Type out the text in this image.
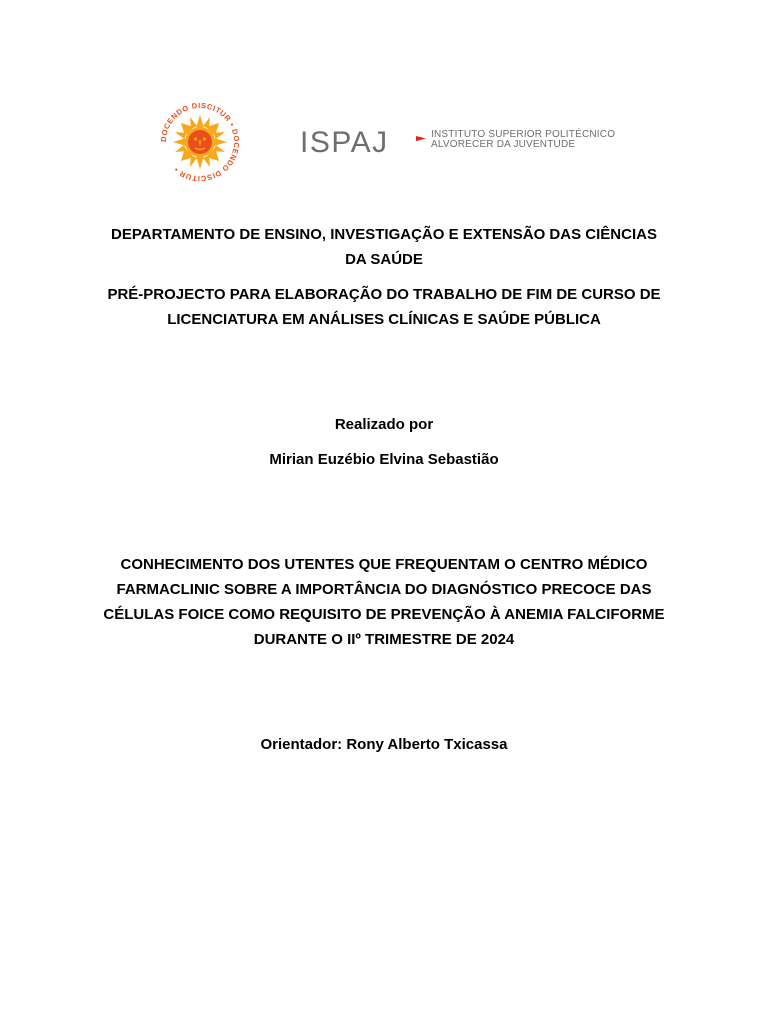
DOCENDO DISCITUR • DOCENDO DISCITUR •
ISPAJ	INSTITUTO SUPERIOR POLITÉCNICO
ALVORECER DA JUVENTUDE
DEPARTAMENTO DE ENSINO, INVESTIGAÇÃO E EXTENSÃO DAS CIÊNCIAS
DA SAÚDE
PRÉ-PROJECTO PARA ELABORAÇÃO DO TRABALHO DE FIM DE CURSO DE
LICENCIATURA EM ANÁLISES CLÍNICAS E SAÚDE PÚBLICA
Realizado por
Mirian Euzébio Elvina Sebastião
CONHECIMENTO DOS UTENTES QUE FREQUENTAM O CENTRO MÉDICO
FARMACLINIC SOBRE A IMPORTÂNCIA DO DIAGNÓSTICO PRECOCE DAS
CÉLULAS FOICE COMO REQUISITO DE PREVENÇÃO À ANEMIA FALCIFORME
DURANTE O IIº TRIMESTRE DE 2024
Orientador: Rony Alberto Txicassa
